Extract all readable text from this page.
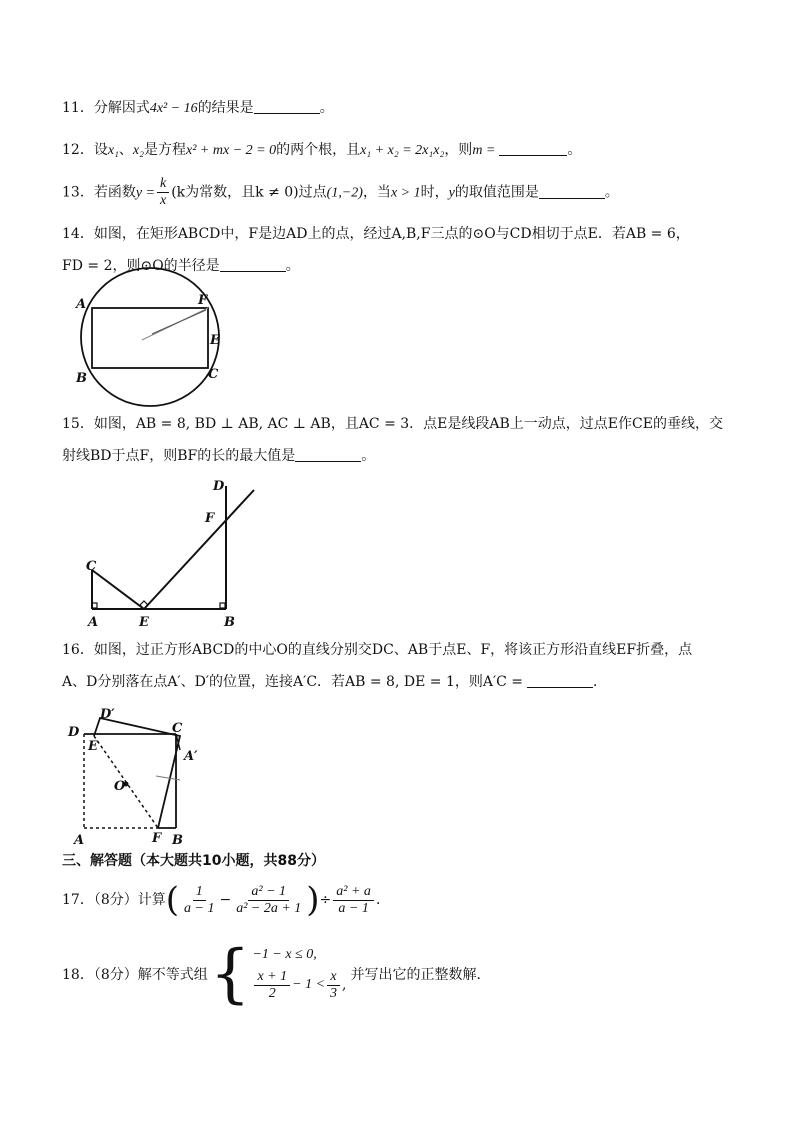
11．分解因式4x² − 16的结果是	。
12．设x₁、x₂是方程x² + mx − 2 = 0的两个根，且x₁ + x₂ = 2x₁x₂，则m =	。
13．若函数$y = \frac{k}{x} (k$为常数，且k ≠ 0)过点(1,−2)，当x > 1时，y的取值范围是	。
14．如图，在矩形ABCD中，F是边AD上的点，经过A,B,F三点的⊙O与CD相切于点E．若AB = 6，
FD = 2，则⊙O的半径是	。
A
B	C
E
F
15．如图，AB = 8, BD ⊥ AB, AC ⊥ AB，且AC = 3．点E是线段AB上一动点，过点E作CE的垂线，交
射线BD于点F，则BF的长的最大值是	。
A	B
C
D
E
F
16．如图，过正方形ABCD的中心O的直线分别交DC、AB于点E、F，将该正方形沿直线EF折叠，点
A、D分别落在点A′、D′的位置，连接A′C．若AB = 8, DE = 1，则A′C =	．
D
D′
E
C
A′
O
A	F B
三、解答题（本大题共10小题，共88分）
17．（8分）计算( $\frac{1}{a - 1} - \frac{\text{a² − 1}}{\text{a² − 2a + 1}}$ )÷ $\frac{\text{a² + a}}{a - 1}$ ．
18．（8分）解不等式组 { −1 − x ≤ 0,
$\frac{x + 1}{2} - 1 < \frac{x}{3}$ ,
并写出它的正整数解．
